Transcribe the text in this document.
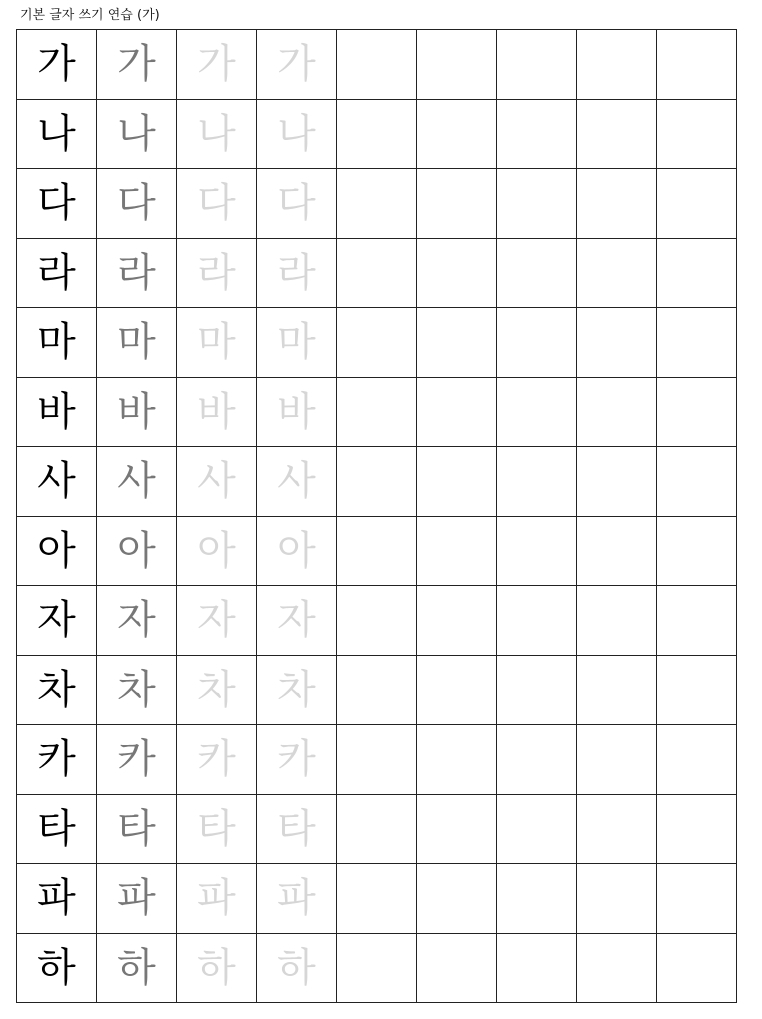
기본 글자 쓰기 연습 (가)
가	가	가	가					
나	나	나	나					
다	다	다	다					
라	라	라	라					
마	마	마	마					
바	바	바	바					
사	사	사	사					
아	아	아	아					
자	자	자	자					
차	차	차	차					
카	카	카	카					
타	타	타	타					
파	파	파	파					
하	하	하	하					
